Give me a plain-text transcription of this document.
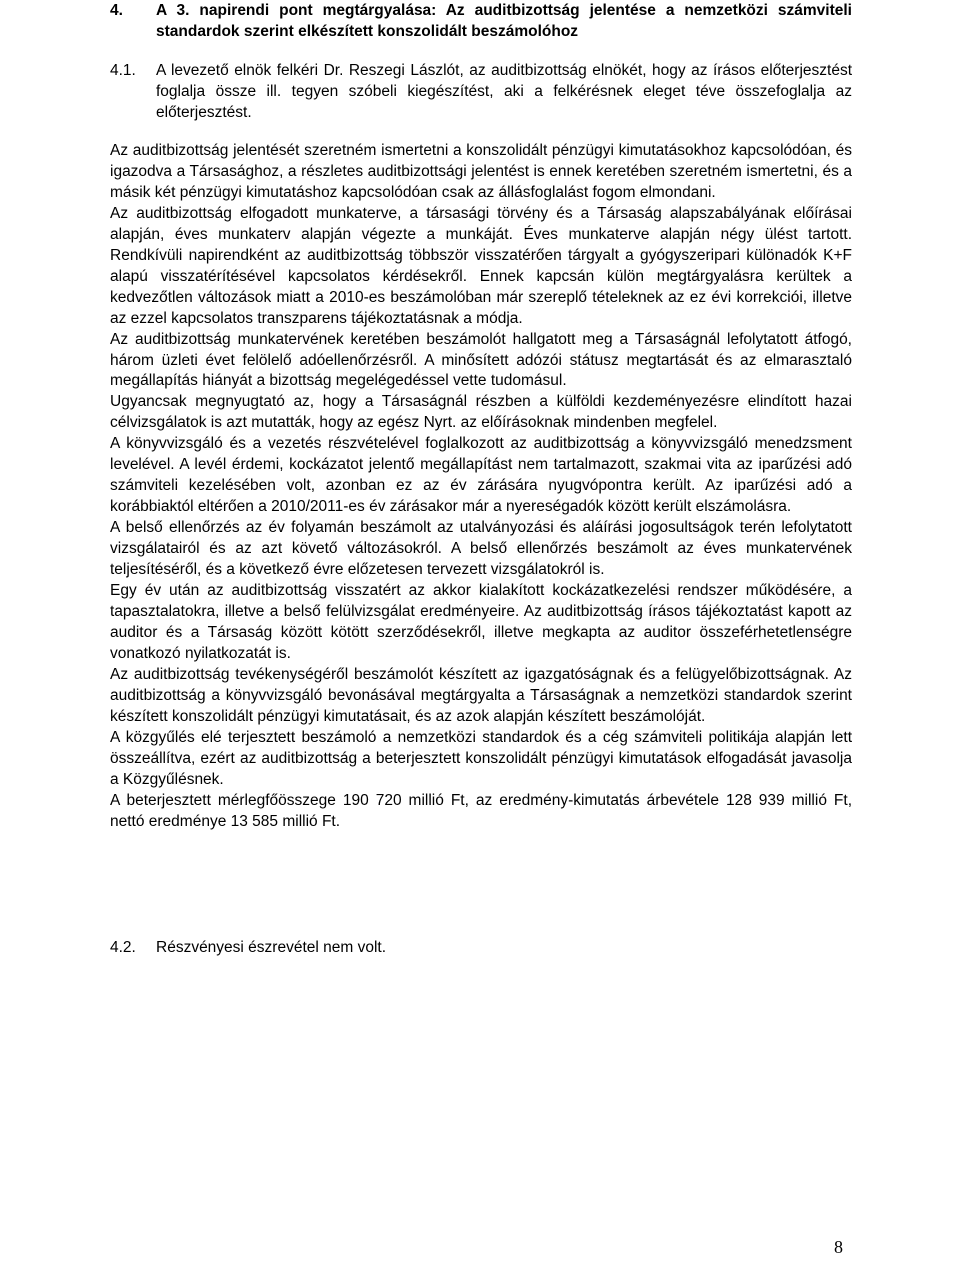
4. A 3. napirendi pont megtárgyalása: Az auditbizottság jelentése a nemzetközi számviteli standardok szerint elkészített konszolidált beszámolóhoz
4.1. A levezető elnök felkéri Dr. Reszegi Lászlót, az auditbizottság elnökét, hogy az írásos előterjesztést foglalja össze ill. tegyen szóbeli kiegészítést, aki a felkérésnek eleget téve összefoglalja az előterjesztést.

Az auditbizottság jelentését szeretném ismertetni a konszolidált pénzügyi kimutatásokhoz kapcsolódóan, és igazodva a Társasághoz, a részletes auditbizottsági jelentést is ennek keretében szeretném ismertetni, és a másik két pénzügyi kimutatáshoz kapcsolódóan csak az állásfoglalást fogom elmondani.

Az auditbizottság elfogadott munkaterve, a társasági törvény és a Társaság alapszabályának előírásai alapján, éves munkaterv alapján végezte a munkáját. Éves munkaterve alapján négy ülést tartott. Rendkívüli napirendként az auditbizottság többször visszatérően tárgyalt a gyógyszeripari különadók K+F alapú visszatérítésével kapcsolatos kérdésekről. Ennek kapcsán külön megtárgyalásra kerültek a kedvezőtlen változások miatt a 2010-es beszámolóban már szereplő tételeknek az ez évi korrekciói, illetve az ezzel kapcsolatos transzparens tájékoztatásnak a módja.

Az auditbizottság munkatervének keretében beszámolót hallgatott meg a Társaságnál lefolytatott átfogó, három üzleti évet felölelő adóellenőrzésről. A minősített adózói státusz megtartását és az elmarasztaló megállapítás hiányát a bizottság megelégedéssel vette tudomásul.

Ugyancsak megnyugtató az, hogy a Társaságnál részben a külföldi kezdeményezésre elindított hazai célvizsgálatok is azt mutatták, hogy az egész Nyrt. az előírásoknak mindenben megfelel.

A könyvvizsgáló és a vezetés részvételével foglalkozott az auditbizottság a könyvvizsgáló menedzsment levelével. A levél érdemi, kockázatot jelentő megállapítást nem tartalmazott, szakmai vita az iparűzési adó számviteli kezelésében volt, azonban ez az év zárására nyugvópontra került. Az iparűzési adó a korábbiaktól eltérően a 2010/2011-es év zárásakor már a nyereségadók között került elszámolásra.

A belső ellenőrzés az év folyamán beszámolt az utalványozási és aláírási jogosultságok terén lefolytatott vizsgálatairól és az azt követő változásokról. A belső ellenőrzés beszámolt az éves munkatervének teljesítéséről, és a következő évre előzetesen tervezett vizsgálatokról is.

Egy év után az auditbizottság visszatért az akkor kialakított kockázatkezelési rendszer működésére, a tapasztalatokra, illetve a belső felülvizsgálat eredményeire. Az auditbizottság írásos tájékoztatást kapott az auditor és a Társaság között kötött szerződésekről, illetve megkapta az auditor összeférhetetlenségre vonatkozó nyilatkozatát is.

Az auditbizottság tevékenységéről beszámolót készített az igazgatóságnak és a felügyelőbizottságnak. Az auditbizottság a könyvvizsgáló bevonásával megtárgyalta a Társaságnak a nemzetközi standardok szerint készített konszolidált pénzügyi kimutatásait, és az azok alapján készített beszámolóját.

A közgyűlés elé terjesztett beszámoló a nemzetközi standardok és a cég számviteli politikája alapján lett összeállítva, ezért az auditbizottság a beterjesztett konszolidált pénzügyi kimutatások elfogadását javasolja a Közgyűlésnek.

A beterjesztett mérlegfőösszege 190 720 millió Ft, az eredmény-kimutatás árbevétele 128 939 millió Ft, nettó eredménye 13 585 millió Ft.

4.2. Részvényesi észrevétel nem volt.
8
